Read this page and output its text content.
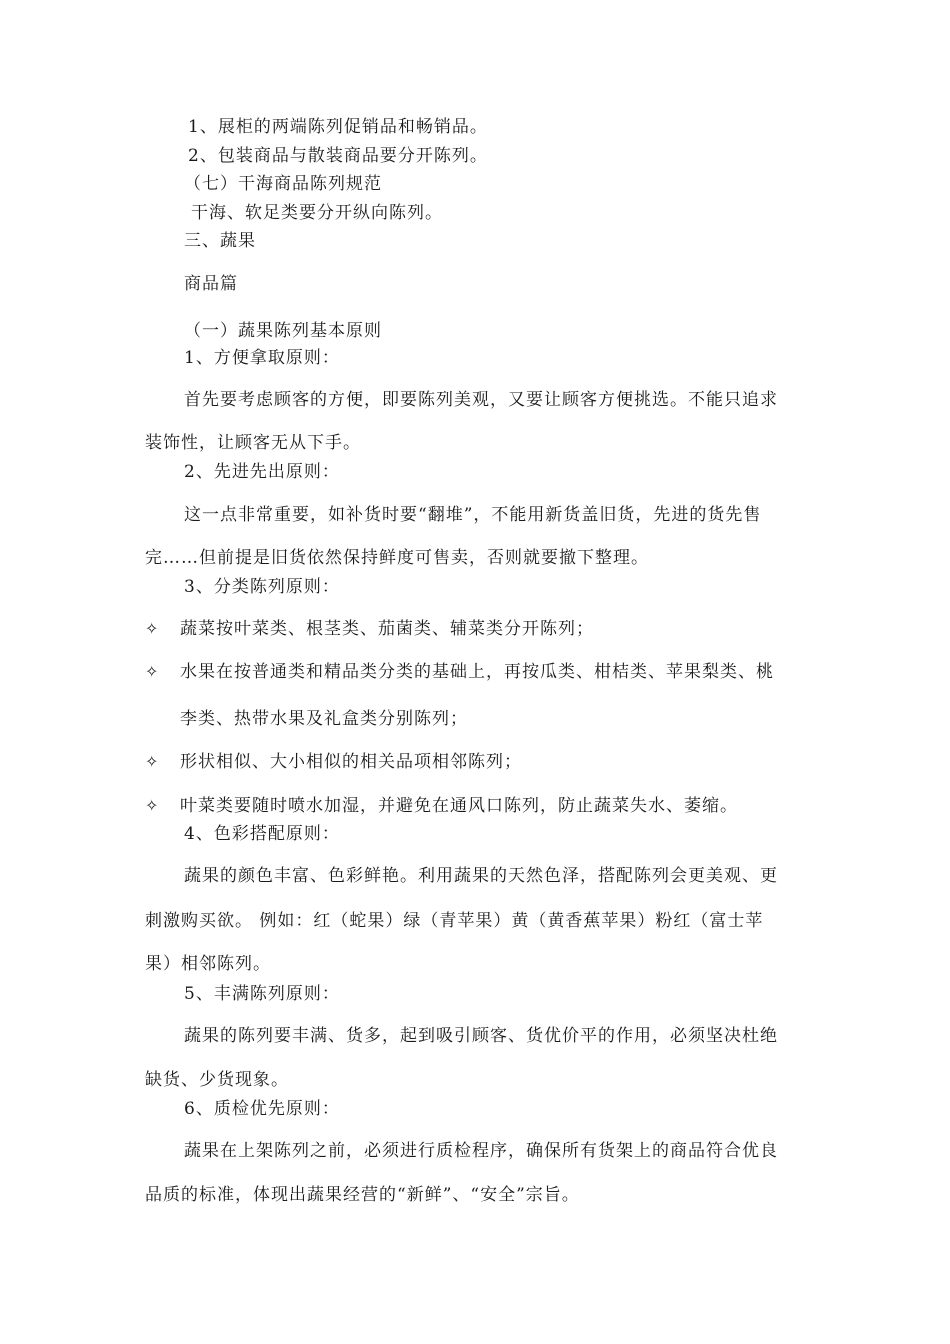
1、展柜的两端陈列促销品和畅销品。
2、包装商品与散装商品要分开陈列。
（七）干海商品陈列规范
干海、软足类要分开纵向陈列。
三、蔬果
商品篇
（一）蔬果陈列基本原则
1、方便拿取原则：
首先要考虑顾客的方便，即要陈列美观，又要让顾客方便挑选。不能只追求
装饰性，让顾客无从下手。
2、先进先出原则：
这一点非常重要，如补货时要“翻堆”，不能用新货盖旧货，先进的货先售
完……但前提是旧货依然保持鲜度可售卖，否则就要撤下整理。
3、分类陈列原则：
✧ 蔬菜按叶菜类、根茎类、茄菌类、辅菜类分开陈列；
✧ 水果在按普通类和精品类分类的基础上，再按瓜类、柑桔类、苹果梨类、桃
李类、热带水果及礼盒类分别陈列；
✧ 形状相似、大小相似的相关品项相邻陈列；
✧ 叶菜类要随时喷水加湿，并避免在通风口陈列，防止蔬菜失水、萎缩。
4、色彩搭配原则：
蔬果的颜色丰富、色彩鲜艳。利用蔬果的天然色泽，搭配陈列会更美观、更
刺激购买欲。 例如：红（蛇果）绿（青苹果）黄（黄香蕉苹果）粉红（富士苹
果）相邻陈列。
5、丰满陈列原则：
蔬果的陈列要丰满、货多，起到吸引顾客、货优价平的作用，必须坚决杜绝
缺货、少货现象。
6、质检优先原则：
蔬果在上架陈列之前，必须进行质检程序，确保所有货架上的商品符合优良
品质的标准，体现出蔬果经营的“新鲜”、“安全”宗旨。
